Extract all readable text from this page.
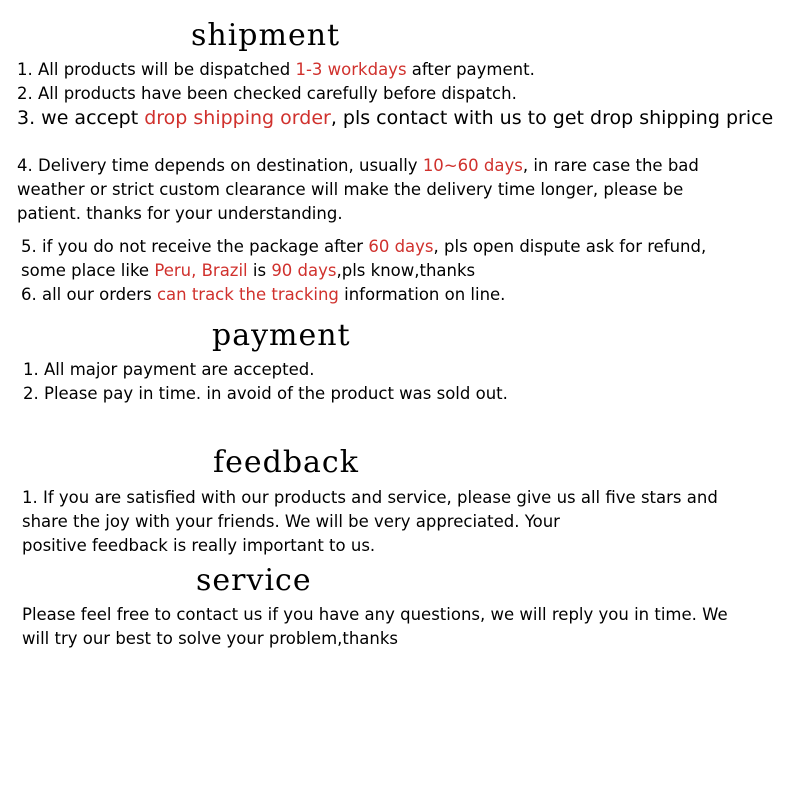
shipment

1. All products will be dispatched 1-3 workdays after payment.

2. All products have been checked carefully before dispatch.

3. we accept drop shipping order, pls contact with us to get drop shipping price

4. Delivery time depends on destination, usually 10~60 days, in rare case the bad

weather or strict custom clearance will make the delivery time longer, please be

patient. thanks for your understanding.

5. if you do not receive the package after 60 days, pls open dispute ask for refund,

some place like Peru, Brazil is 90 days,pls know,thanks

6. all our orders can track the tracking information on line.

payment

1. All major payment are accepted.

2. Please pay in time. in avoid of the product was sold out.

feedback

1. If you are satisfied with our products and service, please give us all five stars and

share the joy with your friends. We will be very appreciated. Your

positive feedback is really important to us.

service

Please feel free to contact us if you have any questions, we will reply you in time. We

will try our best to solve your problem,thanks
